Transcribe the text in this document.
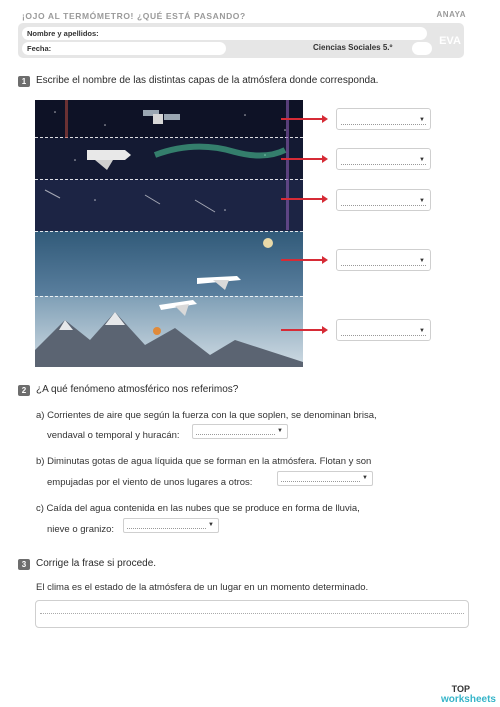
¡OJO AL TERMÓMETRO! ¿QUÉ ESTÁ PASANDO?	ANAYA
Nombre y apellidos:
Fecha:	Ciencias Sociales 5.º
EVA
1 Escribe el nombre de las distintas capas de la atmósfera donde corresponda.
▼
▼
▼
▼
▼
2 ¿A qué fenómeno atmosférico nos referimos?
a) Corrientes de aire que según la fuerza con la que soplen, se denominan brisa,
vendaval o temporal y huracán:	▼
b) Diminutas gotas de agua líquida que se forman en la atmósfera. Flotan y son
empujadas por el viento de unos lugares a otros:	▼
c) Caída del agua contenida en las nubes que se produce en forma de lluvia,
nieve o granizo:	▼
3 Corrige la frase si procede.
El clima es el estado de la atmósfera de un lugar en un momento determinado.
TOP
worksheets
